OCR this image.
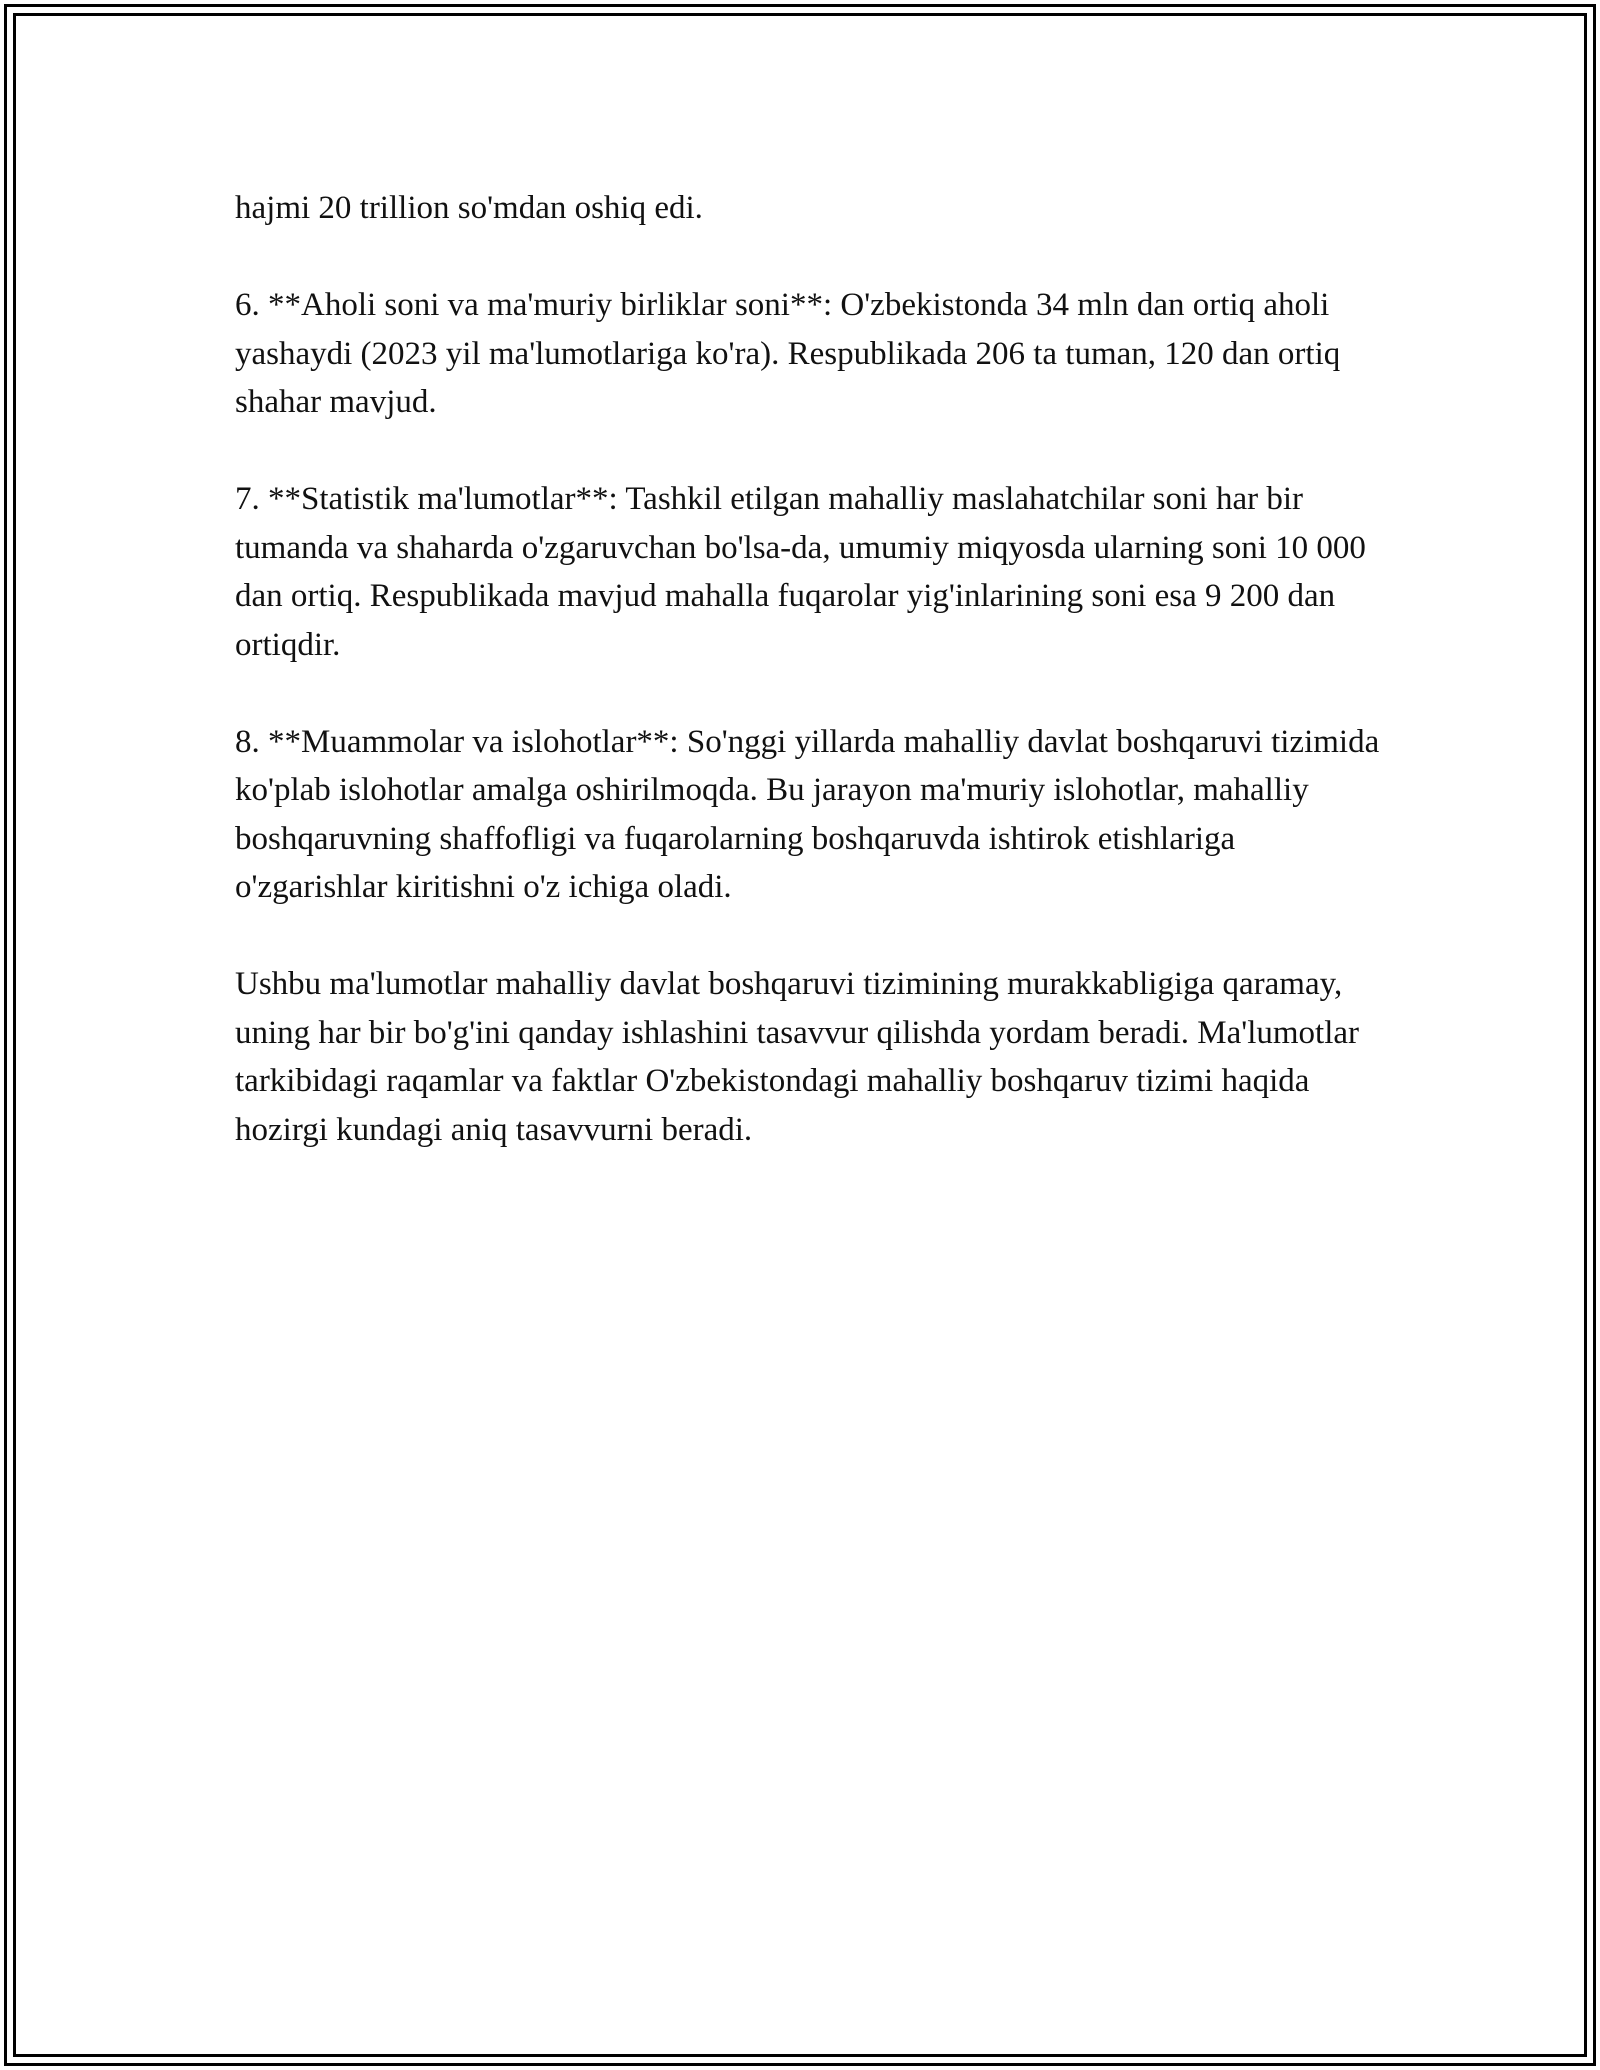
hajmi 20 trillion so'mdan oshiq edi.

6. **Aholi soni va ma'muriy birliklar soni**: O'zbekistonda 34 mln dan ortiq aholi yashaydi (2023 yil ma'lumotlariga ko'ra). Respublikada 206 ta tuman, 120 dan ortiq shahar mavjud.

7. **Statistik ma'lumotlar**: Tashkil etilgan mahalliy maslahatchilar soni har bir tumanda va shaharda o'zgaruvchan bo'lsa-da, umumiy miqyosda ularning soni 10 000 dan ortiq. Respublikada mavjud mahalla fuqarolar yig'inlarining soni esa 9 200 dan ortiqdir.

8. **Muammolar va islohotlar**: So'nggi yillarda mahalliy davlat boshqaruvi tizimida ko'plab islohotlar amalga oshirilmoqda. Bu jarayon ma'muriy islohotlar, mahalliy boshqaruvning shaffofligi va fuqarolarning boshqaruvda ishtirok etishlariga o'zgarishlar kiritishni o'z ichiga oladi.

Ushbu ma'lumotlar mahalliy davlat boshqaruvi tizimining murakkabligiga qaramay, uning har bir bo'g'ini qanday ishlashini tasavvur qilishda yordam beradi. Ma'lumotlar tarkibidagi raqamlar va faktlar O'zbekistondagi mahalliy boshqaruv tizimi haqida hozirgi kundagi aniq tasavvurni beradi.
